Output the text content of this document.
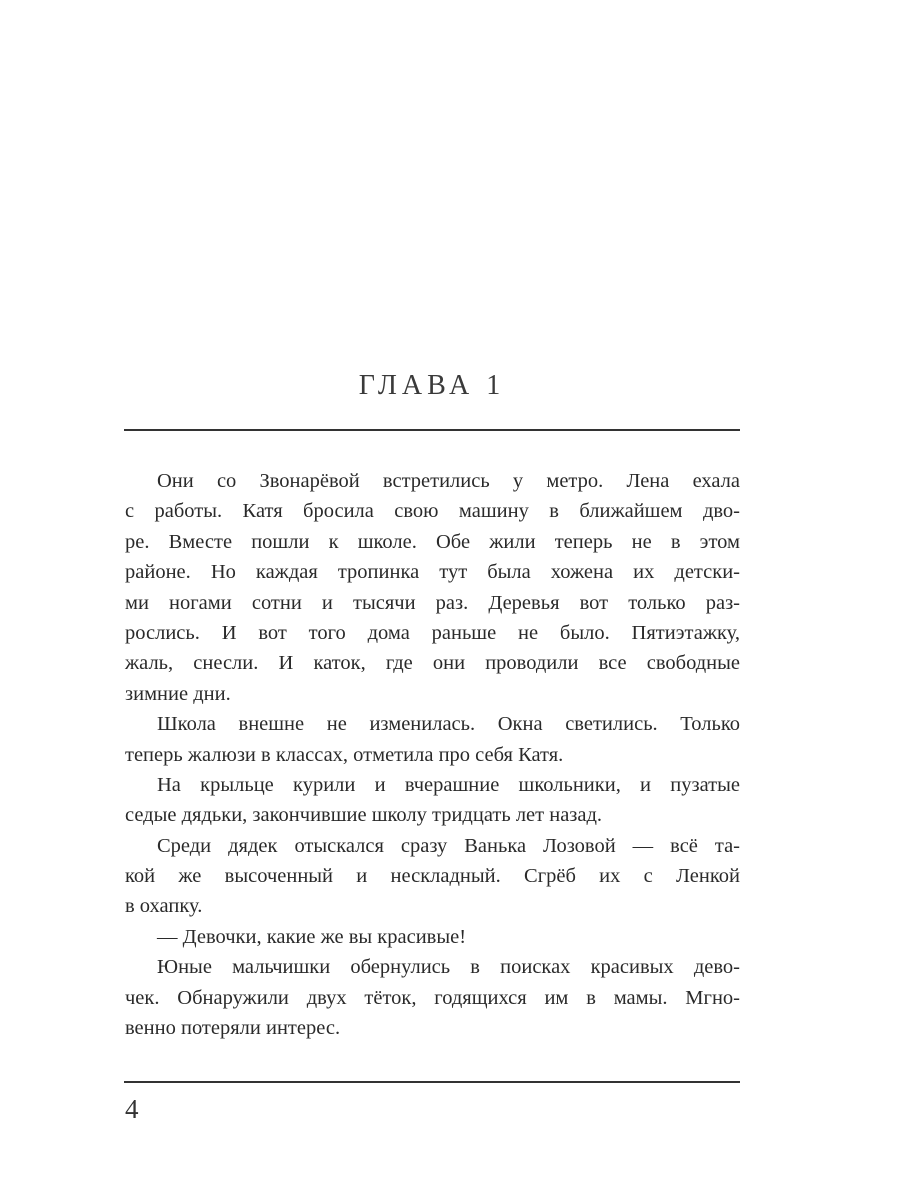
ГЛАВА 1
Они со Звонарёвой встретились у метро. Лена ехала
с работы. Катя бросила свою машину в ближайшем дво-
ре. Вместе пошли к школе. Обе жили теперь не в этом
районе. Но каждая тропинка тут была хожена их детски-
ми ногами сотни и тысячи раз. Деревья вот только раз-
рослись. И вот того дома раньше не было. Пятиэтажку,
жаль, снесли. И каток, где они проводили все свободные
зимние дни.
Школа внешне не изменилась. Окна светились. Только
теперь жалюзи в классах, отметила про себя Катя.
На крыльце курили и вчерашние школьники, и пузатые
седые дядьки, закончившие школу тридцать лет назад.
Среди дядек отыскался сразу Ванька Лозовой — всё та-
кой же высоченный и нескладный. Сгрёб их с Ленкой
в охапку.
— Девочки, какие же вы красивые!
Юные мальчишки обернулись в поисках красивых дево-
чек. Обнаружили двух тёток, годящихся им в мамы. Мгно-
венно потеряли интерес.
4
